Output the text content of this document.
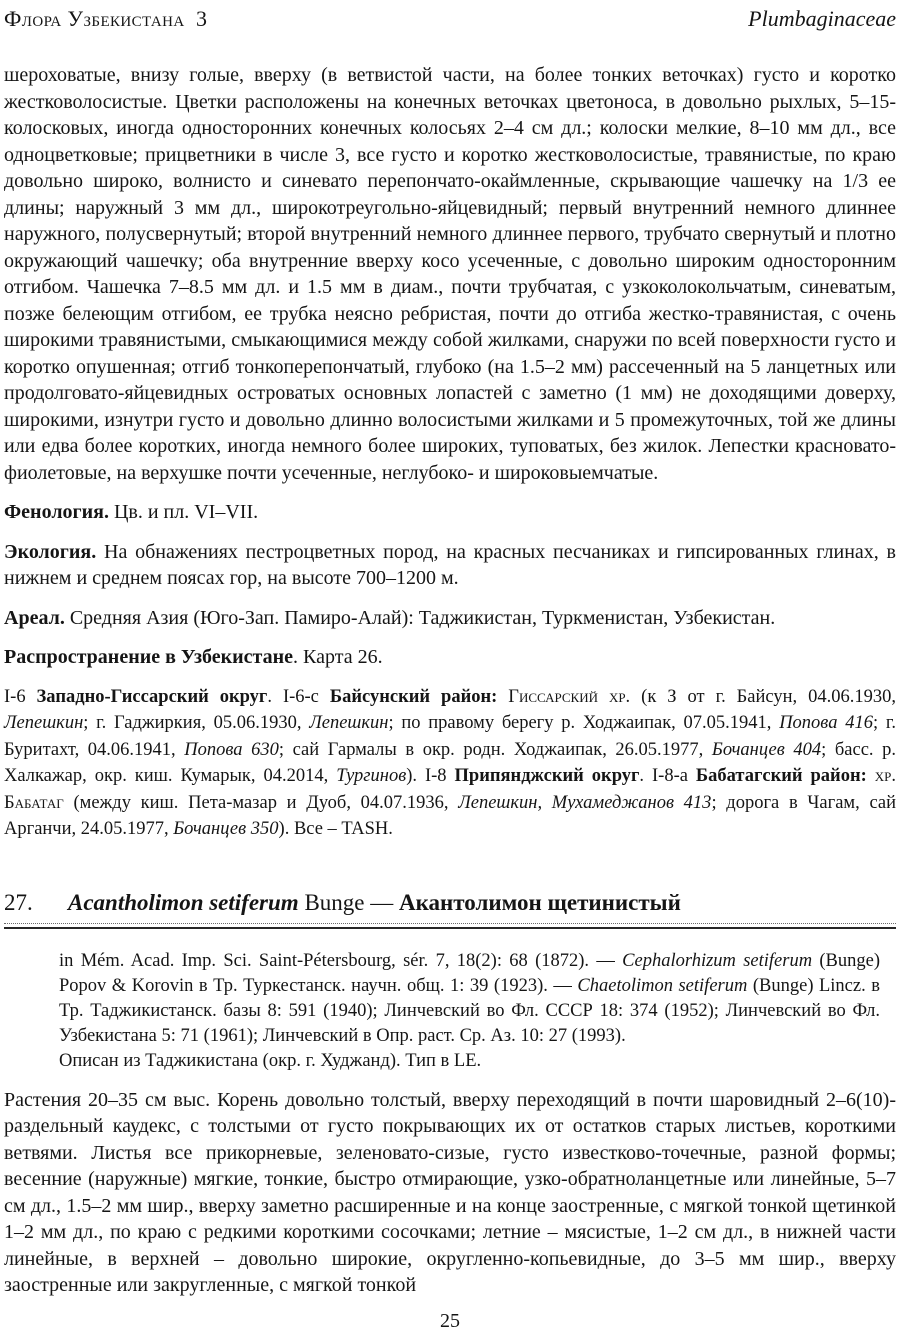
Флора Узбекистана 3	Plumbaginaceae

шероховатые, внизу голые, вверху (в ветвистой части, на более тонких веточках) густо и коротко жестковолосистые. Цветки расположены на конечных веточках цветоноса, в довольно рыхлых, 5–15-колосковых, иногда односторонних конечных колосьях 2–4 см дл.; колоски мелкие, 8–10 мм дл., все одноцветковые; прицветники в числе 3, все густо и коротко жестковолосистые, травянистые, по краю довольно широко, волнисто и синевато перепончато-окаймленные, скрывающие чашечку на 1/3 ее длины; наружный 3 мм дл., широкотреугольно-яйцевидный; первый внутренний немного длиннее наружного, полусвернутый; второй внутренний немного длиннее первого, трубчато свернутый и плотно окружающий чашечку; оба внутренние вверху косо усеченные, с довольно широким односторонним отгибом. Чашечка 7–8.5 мм дл. и 1.5 мм в диам., почти трубчатая, с узкоколокольчатым, синеватым, позже белеющим отгибом, ее трубка неясно ребристая, почти до отгиба жестко-травянистая, с очень широкими травянистыми, смыкающимися между собой жилками, снаружи по всей поверхности густо и коротко опушенная; отгиб тонкоперепончатый, глубоко (на 1.5–2 мм) рассеченный на 5 ланцетных или продолговато-яйцевидных островатых основных лопастей с заметно (1 мм) не доходящими доверху, широкими, изнутри густо и довольно длинно волосистыми жилками и 5 промежуточных, той же длины или едва более коротких, иногда немного более широких, туповатых, без жилок. Лепестки красновато-фиолетовые, на верхушке почти усеченные, неглубоко- и широковыемчатые.

Фенология. Цв. и пл. VI–VII.

Экология. На обнажениях пестроцветных пород, на красных песчаниках и гипсированных глинах, в нижнем и среднем поясах гор, на высоте 700–1200 м.

Ареал. Средняя Азия (Юго-Зап. Памиро-Алай): Таджикистан, Туркменистан, Узбекистан.

Распространение в Узбекистане. Карта 26.

I-6 Западно-Гиссарский округ. I-6-c Байсунский район: Гиссарский хр. (к З от г. Байсун, 04.06.1930, Лепешкин; г. Гаджиркия, 05.06.1930, Лепешкин; по правому берегу р. Ходжаипак, 07.05.1941, Попова 416; г. Буритахт, 04.06.1941, Попова 630; сай Гармалы в окр. родн. Ходжаипак, 26.05.1977, Бочанцев 404; басс. р. Халкажар, окр. киш. Кумарык, 04.2014, Тургинов). I-8 Припянджский округ. I-8-а Бабатагский район: хр. Бабатаг (между киш. Пета-мазар и Дуоб, 04.07.1936, Лепешкин, Мухамеджанов 413; дорога в Чагам, сай Арганчи, 24.05.1977, Бочанцев 350). Все – TASH.

27.	Acantholimon setiferum Bunge — Акантолимон щетинистый

in Mém. Acad. Imp. Sci. Saint-Pétersbourg, sér. 7, 18(2): 68 (1872). — Cephalorhizum setiferum (Bunge) Popov & Korovin в Тр. Туркестанск. научн. общ. 1: 39 (1923). — Chaetolimon setiferum (Bunge) Lincz. в Тр. Таджикистанск. базы 8: 591 (1940); Линчевский во Фл. СССР 18: 374 (1952); Линчевский во Фл. Узбекистана 5: 71 (1961); Линчевский в Опр. раст. Ср. Аз. 10: 27 (1993).

Описан из Таджикистана (окр. г. Худжанд). Тип в LE.

Растения 20–35 см выс. Корень довольно толстый, вверху переходящий в почти шаровидный 2–6(10)-раздельный каудекс, с толстыми от густо покрывающих их от остатков старых листьев, короткими ветвями. Листья все прикорневые, зеленовато-сизые, густо известково-точечные, разной формы; весенние (наружные) мягкие, тонкие, быстро отмирающие, узко-обратноланцетные или линейные, 5–7 см дл., 1.5–2 мм шир., вверху заметно расширенные и на конце заостренные, с мягкой тонкой щетинкой 1–2 мм дл., по краю с редкими короткими сосочками; летние – мясистые, 1–2 см дл., в нижней части линейные, в верхней – довольно широкие, округленно-копьевидные, до 3–5 мм шир., вверху заостренные или закругленные, с мягкой тонкой

25
